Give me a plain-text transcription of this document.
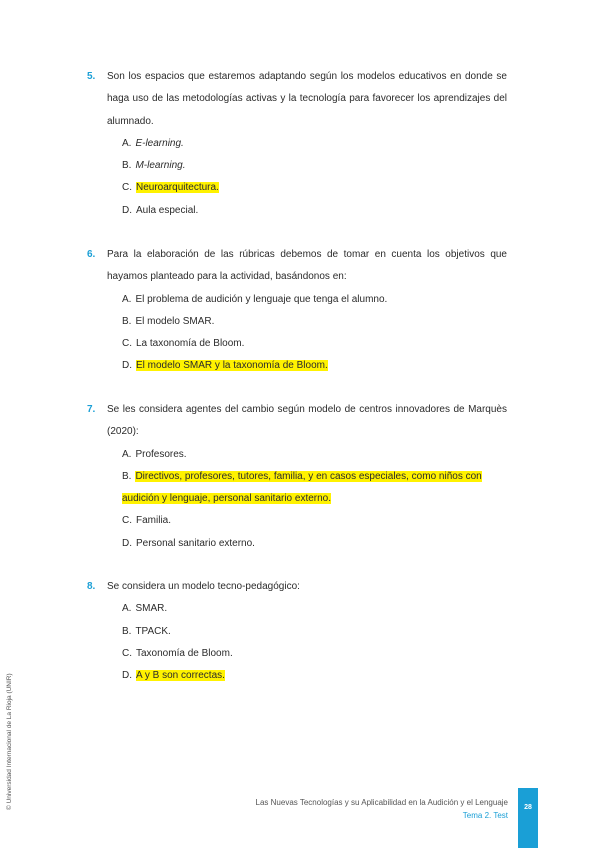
5. Son los espacios que estaremos adaptando según los modelos educativos en donde se haga uso de las metodologías activas y la tecnología para favorecer los aprendizajes del alumnado.
A. E-learning.
B. M-learning.
C. Neuroarquitectura.
D. Aula especial.
6. Para la elaboración de las rúbricas debemos de tomar en cuenta los objetivos que hayamos planteado para la actividad, basándonos en:
A. El problema de audición y lenguaje que tenga el alumno.
B. El modelo SMAR.
C. La taxonomía de Bloom.
D. El modelo SMAR y la taxonomía de Bloom.
7. Se les considera agentes del cambio según modelo de centros innovadores de Marquès (2020):
A. Profesores.
B. Directivos, profesores, tutores, familia, y en casos especiales, como niños con audición y lenguaje, personal sanitario externo.
C. Familia.
D. Personal sanitario externo.
8. Se considera un modelo tecno-pedagógico:
A. SMAR.
B. TPACK.
C. Taxonomía de Bloom.
D. A y B son correctas.
© Universidad Internacional de La Rioja (UNIR)	Las Nuevas Tecnologías y su Aplicabilidad en la Audición y el Lenguaje
Tema 2. Test
28
